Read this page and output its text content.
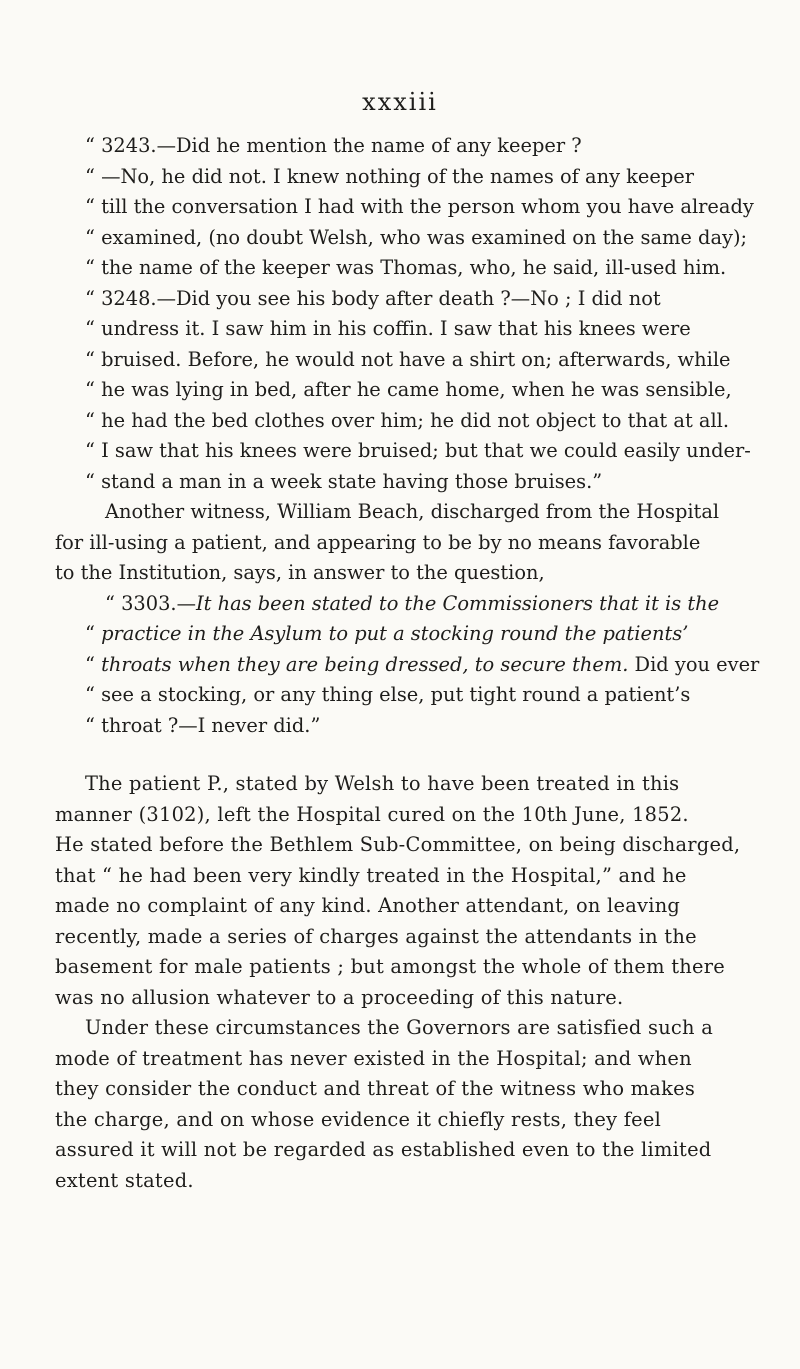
xxxiii
“ 3243.—Did he mention the name of any keeper ?
“ —No, he did not. I knew nothing of the names of any keeper
“ till the conversation I had with the person whom you have already
“ examined, (no doubt Welsh, who was examined on the same day);
“ the name of the keeper was Thomas, who, he said, ill-used him.
“ 3248.—Did you see his body after death ?—No ; I did not
“ undress it. I saw him in his coffin. I saw that his knees were
“ bruised. Before, he would not have a shirt on; afterwards, while
“ he was lying in bed, after he came home, when he was sensible,
“ he had the bed clothes over him; he did not object to that at all.
“ I saw that his knees were bruised; but that we could easily under-
“ stand a man in a week state having those bruises.”
Another witness, William Beach, discharged from the Hospital
for ill-using a patient, and appearing to be by no means favorable
to the Institution, says, in answer to the question,
“ 3303.—It has been stated to the Commissioners that it is the
“ practice in the Asylum to put a stocking round the patients’
“ throats when they are being dressed, to secure them. Did you ever
“ see a stocking, or any thing else, put tight round a patient’s
“ throat ?—I never did.”
The patient P., stated by Welsh to have been treated in this
manner (3102), left the Hospital cured on the 10th June, 1852.
He stated before the Bethlem Sub-Committee, on being discharged,
that “ he had been very kindly treated in the Hospital,” and he
made no complaint of any kind. Another attendant, on leaving
recently, made a series of charges against the attendants in the
basement for male patients ; but amongst the whole of them there
was no allusion whatever to a proceeding of this nature.
Under these circumstances the Governors are satisfied such a
mode of treatment has never existed in the Hospital; and when
they consider the conduct and threat of the witness who makes
the charge, and on whose evidence it chiefly rests, they feel
assured it will not be regarded as established even to the limited
extent stated.
